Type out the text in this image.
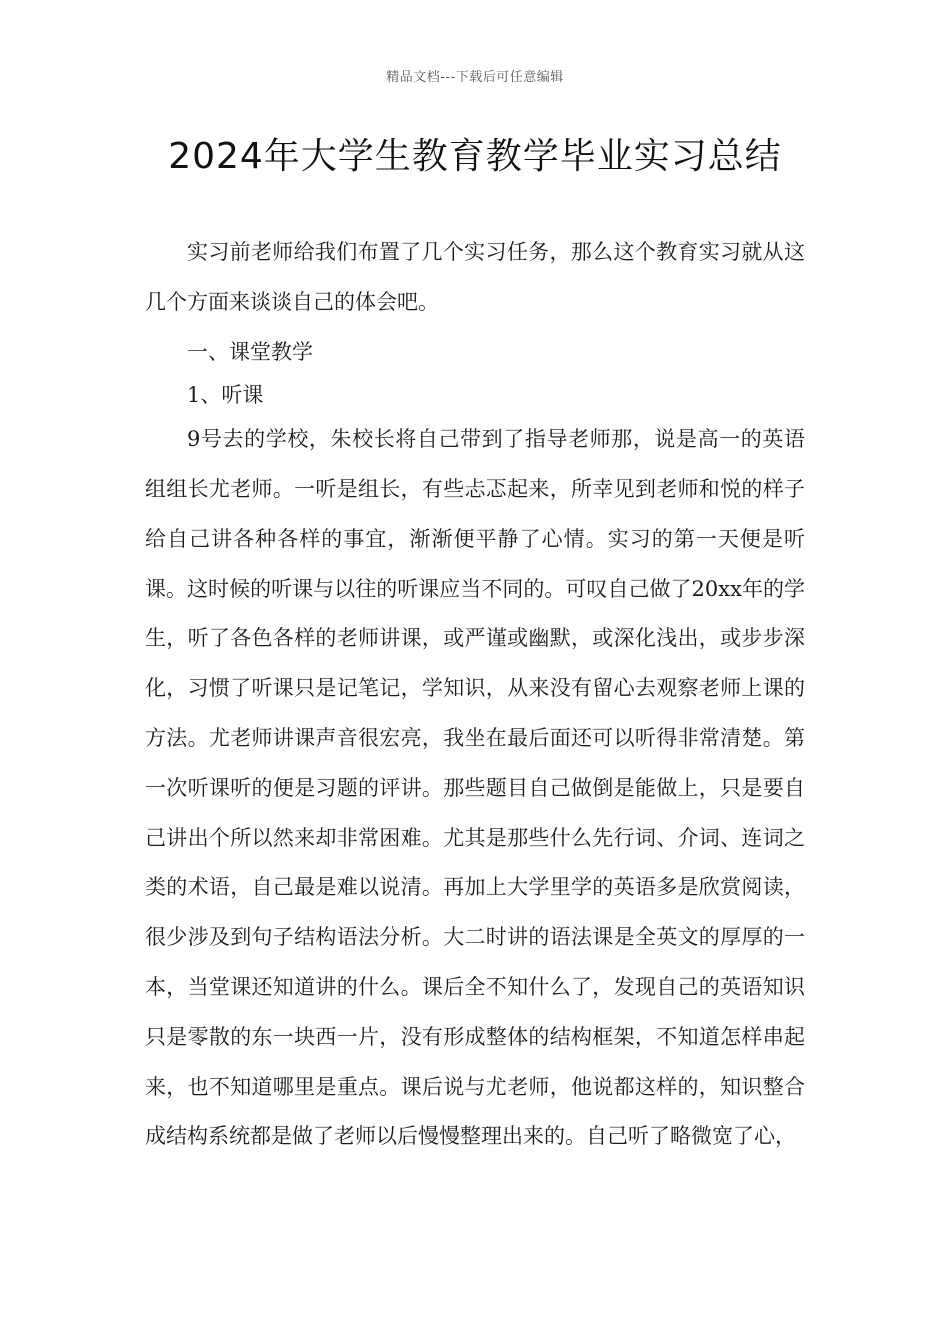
精品文档---下载后可任意编辑
2024年大学生教育教学毕业实习总结

实习前老师给我们布置了几个实习任务，那么这个教育实习就从这几个方面来谈谈自己的体会吧。

一、课堂教学

1、听课

9号去的学校，朱校长将自己带到了指导老师那，说是高一的英语组组长尤老师。一听是组长，有些忐忑起来，所幸见到老师和悦的样子给自己讲各种各样的事宜，渐渐便平静了心情。实习的第一天便是听课。这时候的听课与以往的听课应当不同的。可叹自己做了20xx年的学生，听了各色各样的老师讲课，或严谨或幽默，或深化浅出，或步步深化，习惯了听课只是记笔记，学知识，从来没有留心去观察老师上课的方法。尤老师讲课声音很宏亮，我坐在最后面还可以听得非常清楚。第一次听课听的便是习题的评讲。那些题目自己做倒是能做上，只是要自己讲出个所以然来却非常困难。尤其是那些什么先行词、介词、连词之类的术语，自己最是难以说清。再加上大学里学的英语多是欣赏阅读，很少涉及到句子结构语法分析。大二时讲的语法课是全英文的厚厚的一本，当堂课还知道讲的什么。课后全不知什么了，发现自己的英语知识只是零散的东一块西一片，没有形成整体的结构框架，不知道怎样串起来，也不知道哪里是重点。课后说与尤老师，他说都这样的，知识整合成结构系统都是做了老师以后慢慢整理出来的。自己听了略微宽了心，
